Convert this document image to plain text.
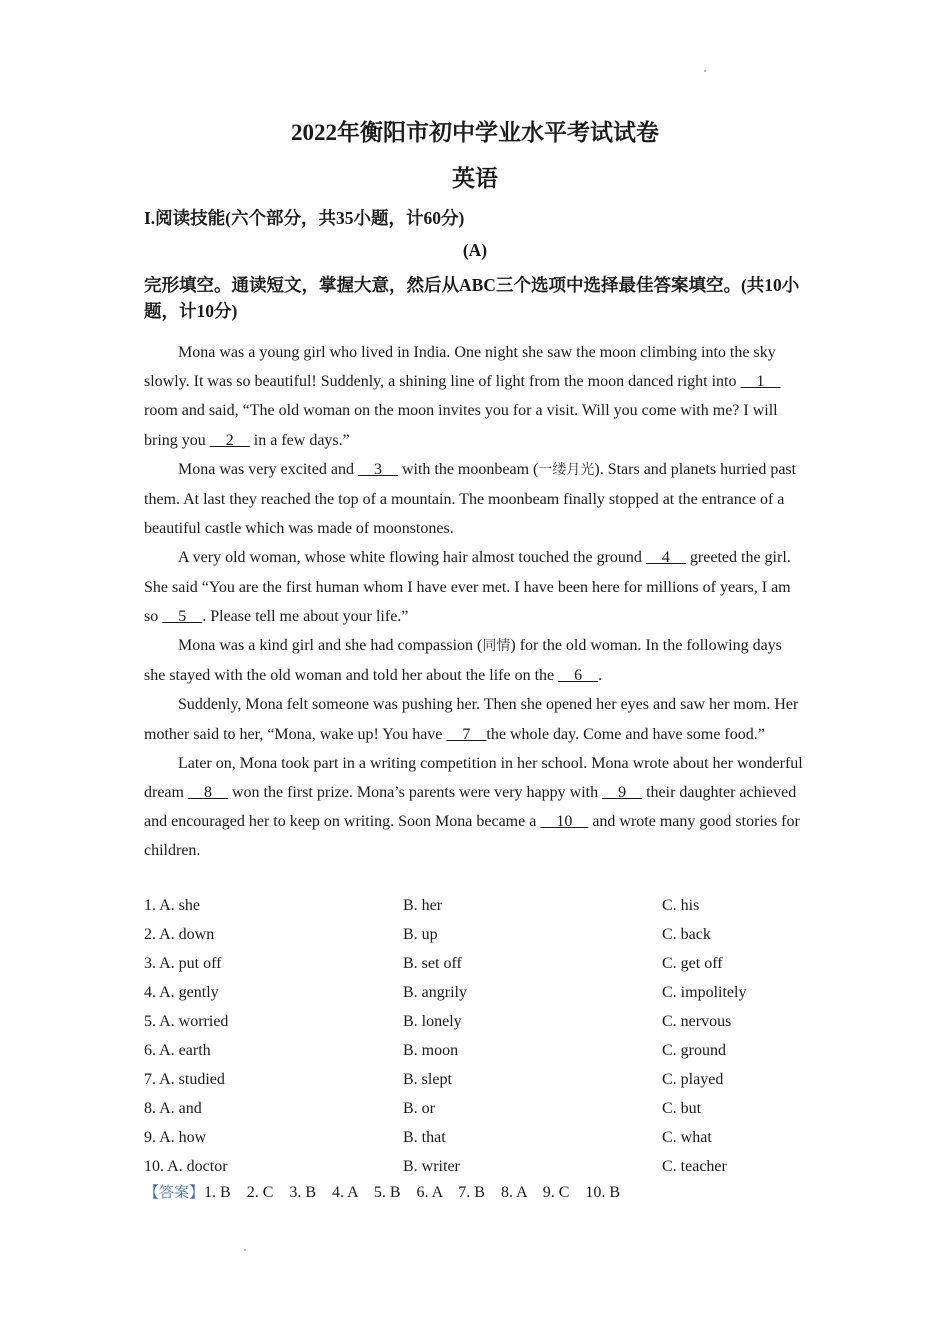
2022年衡阳市初中学业水平考试试卷
英语
I.阅读技能(六个部分，共35小题，计60分)
(A)
完形填空。通读短文，掌握大意，然后从ABC三个选项中选择最佳答案填空。(共10小题，计10分)

Mona was a young girl who lived in India. One night she saw the moon climbing into the sky slowly. It was so beautiful! Suddenly, a shining line of light from the moon danced right into     1     room and said, “The old woman on the moon invites you for a visit. Will you come with me? I will bring you     2     in a few days.”

Mona was very excited and     3     with the moonbeam (一缕月光). Stars and planets hurried past them. At last they reached the top of a mountain. The moonbeam finally stopped at the entrance of a beautiful castle which was made of moonstones.

A very old woman, whose white flowing hair almost touched the ground     4     greeted the girl. She said “You are the first human whom I have ever met. I have been here for millions of years, I am so     5    . Please tell me about your life.”

Mona was a kind girl and she had compassion (同情) for the old woman. In the following days she stayed with the old woman and told her about the life on the     6    .

Suddenly, Mona felt someone was pushing her. Then she opened her eyes and saw her mom. Her mother said to her, “Mona, wake up! You have     7    the whole day. Come and have some food.”

Later on, Mona took part in a writing competition in her school. Mona wrote about her wonderful dream     8     won the first prize. Mona’s parents were very happy with     9     their daughter achieved and encouraged her to keep on writing. Soon Mona became a     10     and wrote many good stories for children.

1. A. she	B. her	C. his
2. A. down	B. up	C. back
3. A. put off	B. set off	C. get off
4. A. gently	B. angrily	C. impolitely
5. A. worried	B. lonely	C. nervous
6. A. earth	B. moon	C. ground
7. A. studied	B. slept	C. played
8. A. and	B. or	C. but
9. A. how	B. that	C. what
10. A. doctor	B. writer	C. teacher
【答案】1. B    2. C    3. B    4. A    5. B    6. A    7. B    8. A    9. C    10. B
